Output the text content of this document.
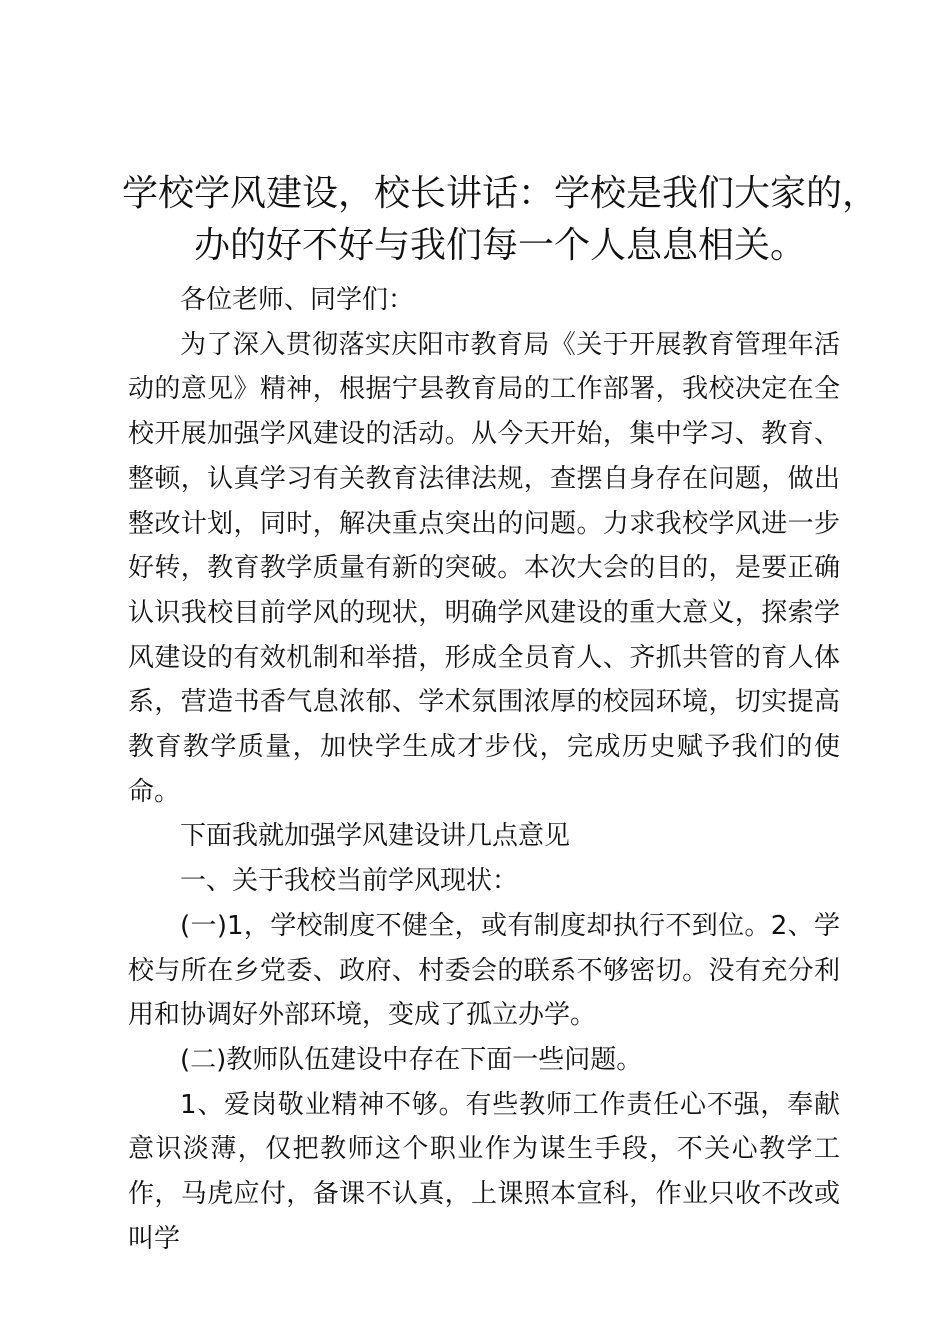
学校学风建设，校长讲话：学校是我们大家的，
办的好不好与我们每一个人息息相关。

各位老师、同学们：

为了深入贯彻落实庆阳市教育局《关于开展教育管理年活动的意见》精神，根据宁县教育局的工作部署，我校决定在全校开展加强学风建设的活动。从今天开始，集中学习、教育、整顿，认真学习有关教育法律法规，查摆自身存在问题，做出整改计划，同时，解决重点突出的问题。力求我校学风进一步好转，教育教学质量有新的突破。本次大会的目的，是要正确认识我校目前学风的现状，明确学风建设的重大意义，探索学风建设的有效机制和举措，形成全员育人、齐抓共管的育人体系，营造书香气息浓郁、学术氛围浓厚的校园环境，切实提高教育教学质量，加快学生成才步伐，完成历史赋予我们的使命。

下面我就加强学风建设讲几点意见

一、关于我校当前学风现状：

(一)1，学校制度不健全，或有制度却执行不到位。2、学校与所在乡党委、政府、村委会的联系不够密切。没有充分利用和协调好外部环境，变成了孤立办学。

(二)教师队伍建设中存在下面一些问题。

1、爱岗敬业精神不够。有些教师工作责任心不强，奉献意识淡薄，仅把教师这个职业作为谋生手段，不关心教学工作，马虎应付，备课不认真，上课照本宣科，作业只收不改或叫学
